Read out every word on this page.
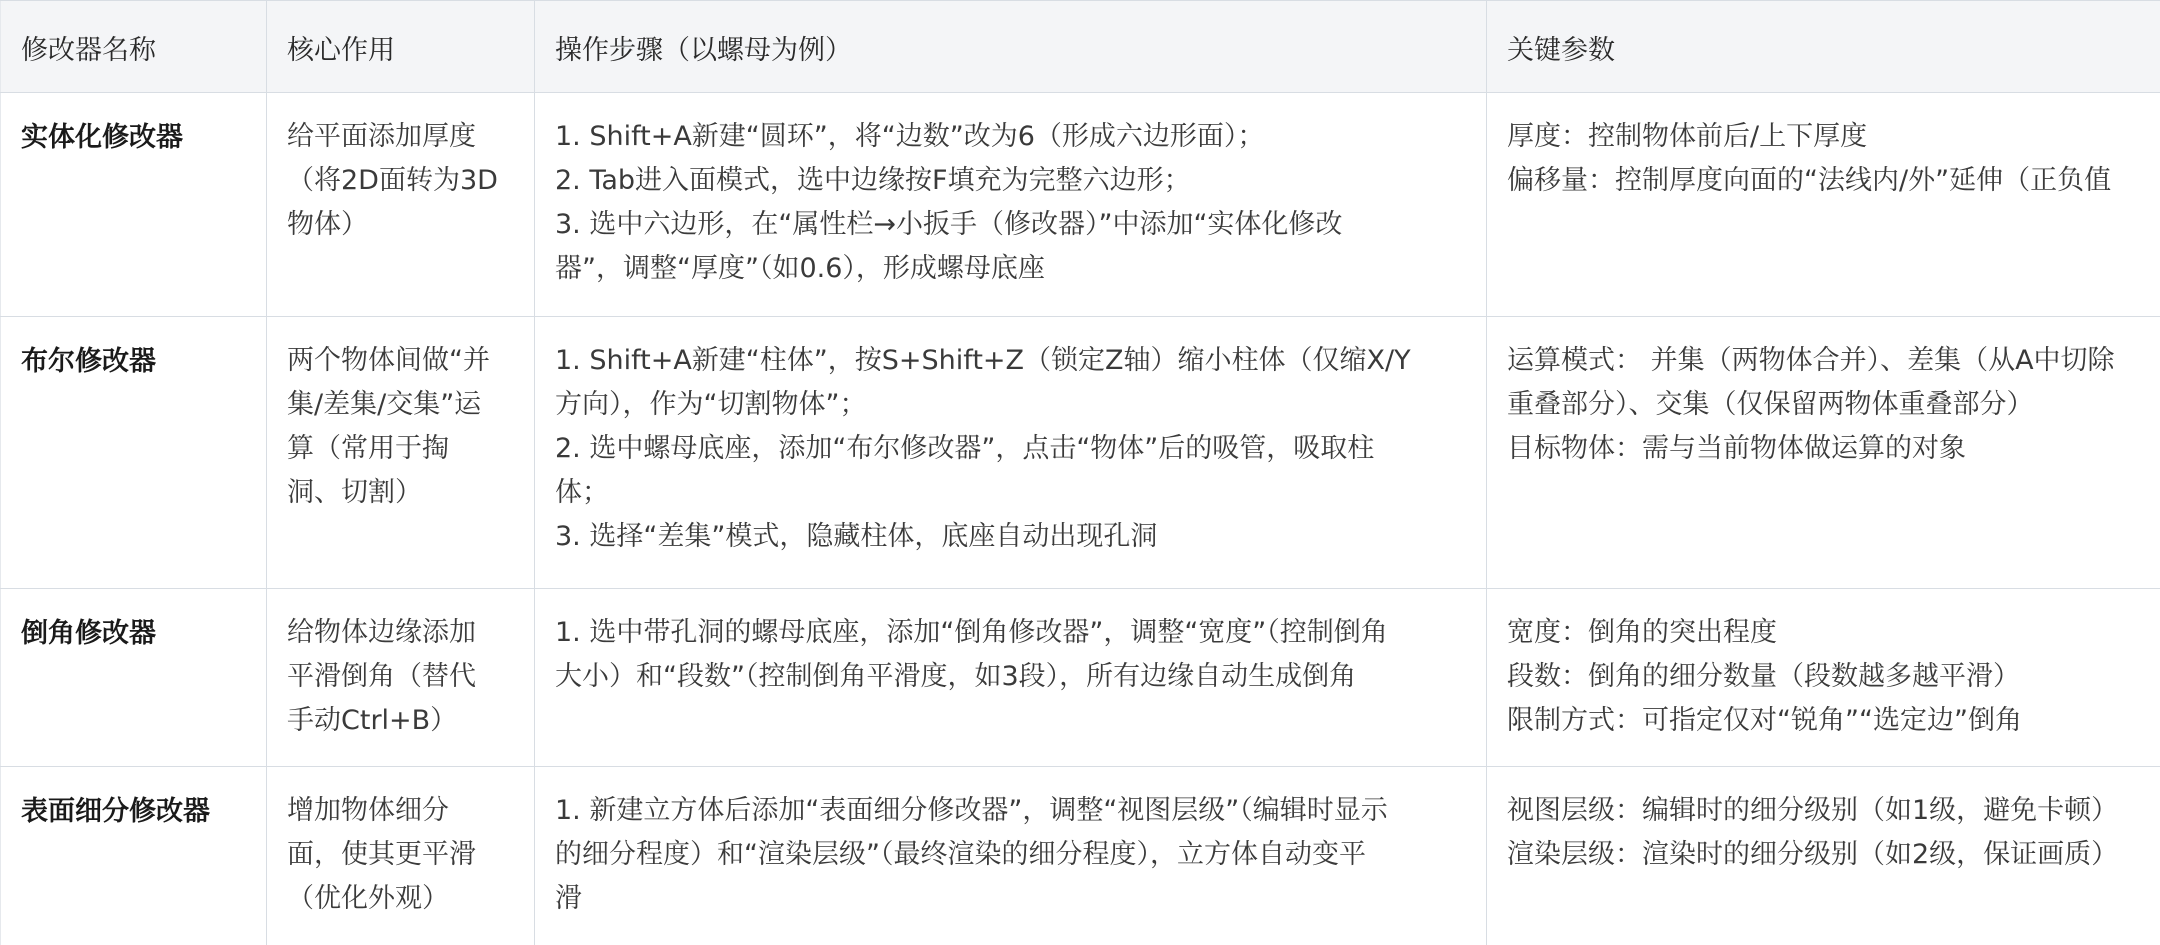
修改器名称	核心作用	操作步骤（以螺母为例）	关键参数
实体化修改器	给平面添加厚度
（将2D面转为3D
物体）	1. Shift+A新建“圆环”，将“边数”改为6（形成六边形面）；
2. Tab进入面模式，选中边缘按F填充为完整六边形；
3. 选中六边形，在“属性栏→小扳手（修改器）”中添加“实体化修改
器”，调整“厚度”（如0.6），形成螺母底座	厚度：控制物体前后/上下厚度
偏移量：控制厚度向面的“法线内/外”延伸（正负值

布尔修改器	两个物体间做“并
集/差集/交集”运
算（常用于掏
洞、切割）	1. Shift+A新建“柱体”，按S+Shift+Z（锁定Z轴）缩小柱体（仅缩X/Y
方向），作为“切割物体”；
2. 选中螺母底座，添加“布尔修改器”，点击“物体”后的吸管，吸取柱
体；
3. 选择“差集”模式，隐藏柱体，底座自动出现孔洞	运算模式： 并集（两物体合并）、差集（从A中切除
重叠部分）、交集（仅保留两物体重叠部分）
目标物体：需与当前物体做运算的对象

倒角修改器	给物体边缘添加
平滑倒角（替代
手动Ctrl+B）	1. 选中带孔洞的螺母底座，添加“倒角修改器”，调整“宽度”（控制倒角
大小）和“段数”（控制倒角平滑度，如3段），所有边缘自动生成倒角	宽度：倒角的突出程度
段数：倒角的细分数量（段数越多越平滑）
限制方式：可指定仅对“锐角”“选定边”倒角

表面细分修改器	增加物体细分
面，使其更平滑
（优化外观）	1. 新建立方体后添加“表面细分修改器”，调整“视图层级”（编辑时显示
的细分程度）和“渲染层级”（最终渲染的细分程度），立方体自动变平
滑	视图层级：编辑时的细分级别（如1级，避免卡顿）
渲染层级：渲染时的细分级别（如2级，保证画质）
